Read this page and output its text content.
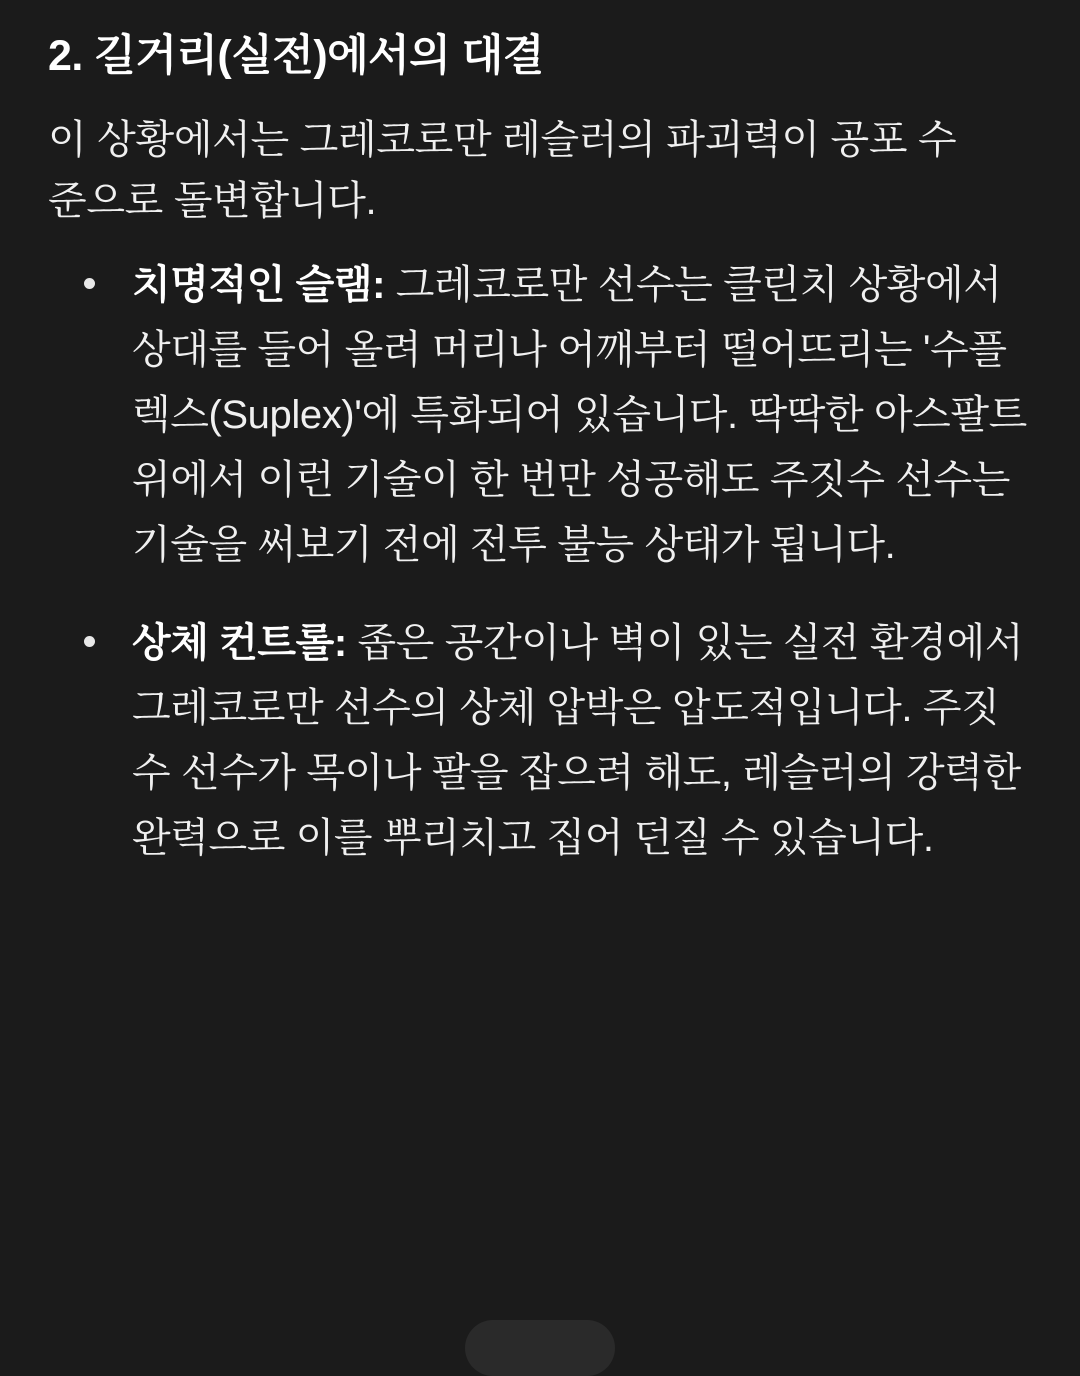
2. 길거리(실전)에서의 대결

이 상황에서는 그레코로만 레슬러의 파괴력이 공포 수준으로 돌변합니다.

치명적인 슬램: 그레코로만 선수는 클린치 상황에서 상대를 들어 올려 머리나 어깨부터 떨어뜨리는 '수플렉스(Suplex)'에 특화되어 있습니다. 딱딱한 아스팔트 위에서 이런 기술이 한 번만 성공해도 주짓수 선수는 기술을 써보기 전에 전투 불능 상태가 됩니다.
상체 컨트롤: 좁은 공간이나 벽이 있는 실전 환경에서 그레코로만 선수의 상체 압박은 압도적입니다. 주짓수 선수가 목이나 팔을 잡으려 해도, 레슬러의 강력한 완력으로 이를 뿌리치고 집어 던질 수 있습니다.
